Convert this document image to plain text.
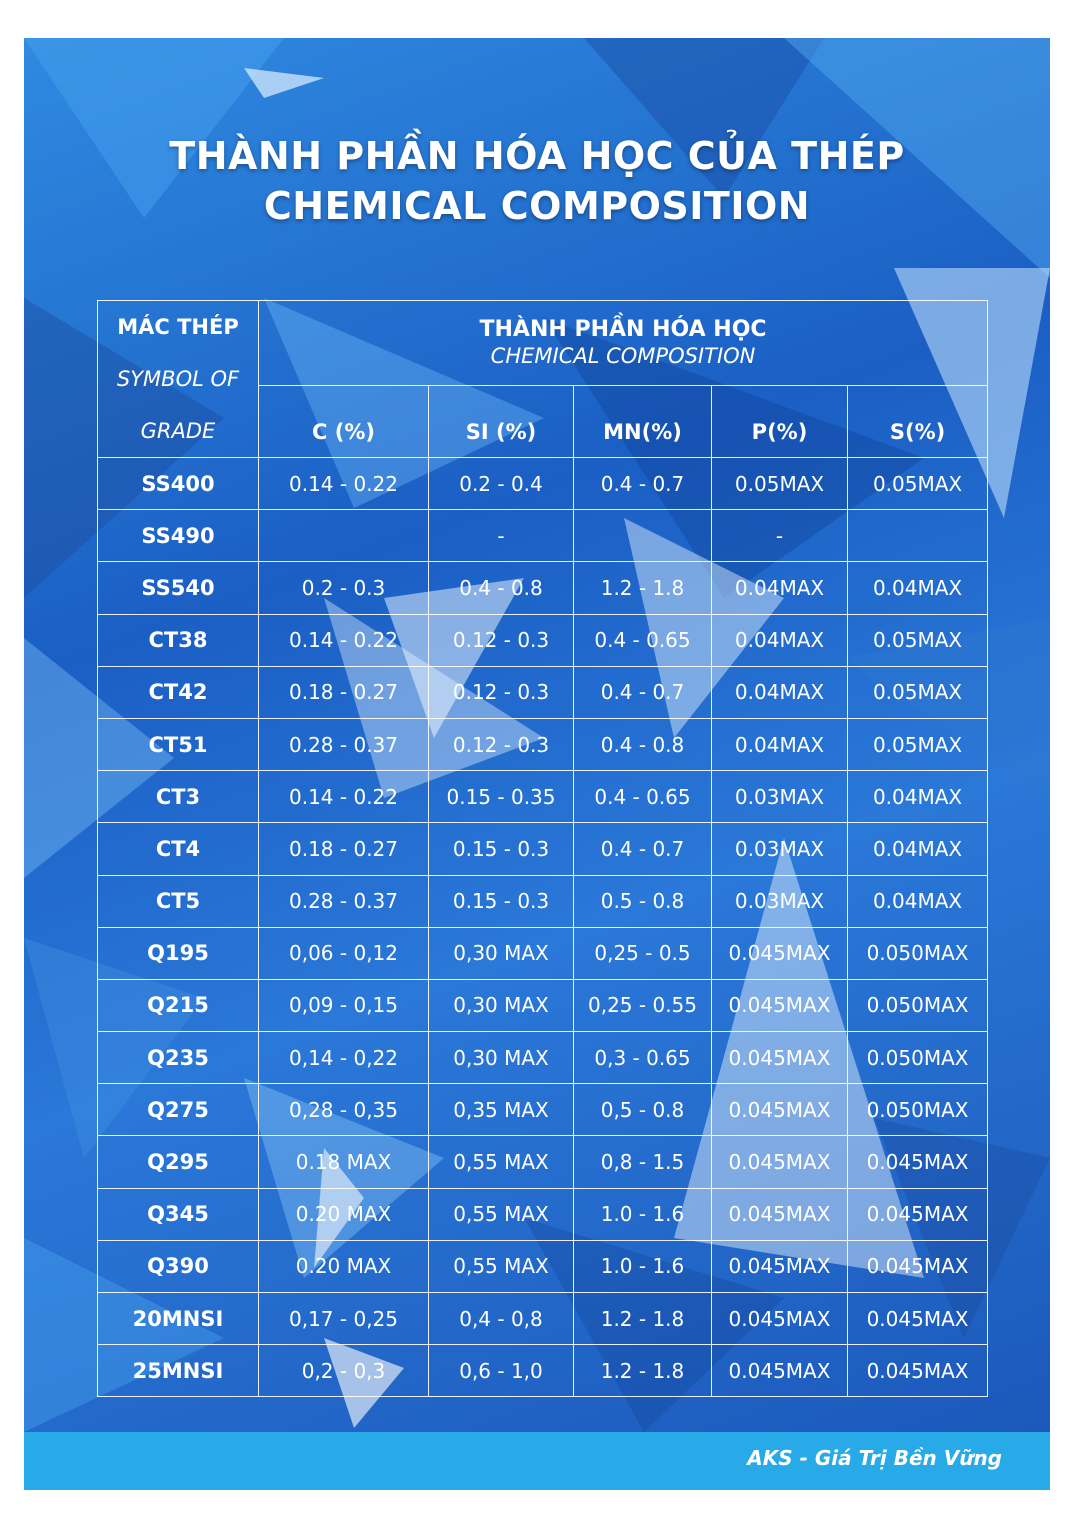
THÀNH PHẦN HÓA HỌC CỦA THÉP
CHEMICAL COMPOSITION
MÁC THÉP
SYMBOL OF
GRADE	THÀNH PHẦN HÓA HỌC
CHEMICAL COMPOSITION				

	C (%)	SI (%)	MN(%)	P(%)	S(%)
SS400	0.14 - 0.22	0.2 - 0.4	0.4 - 0.7	0.05MAX	0.05MAX
SS490		-		-	
SS540	0.2 - 0.3	0.4 - 0.8	1.2 - 1.8	0.04MAX	0.04MAX
CT38	0.14 - 0.22	0.12 - 0.3	0.4 - 0.65	0.04MAX	0.05MAX
CT42	0.18 - 0.27	0.12 - 0.3	0.4 - 0.7	0.04MAX	0.05MAX
CT51	0.28 - 0.37	0.12 - 0.3	0.4 - 0.8	0.04MAX	0.05MAX
CT3	0.14 - 0.22	0.15 - 0.35	0.4 - 0.65	0.03MAX	0.04MAX
CT4	0.18 - 0.27	0.15 - 0.3	0.4 - 0.7	0.03MAX	0.04MAX
CT5	0.28 - 0.37	0.15 - 0.3	0.5 - 0.8	0.03MAX	0.04MAX
Q195	0,06 - 0,12	0,30 MAX	0,25 - 0.5	0.045MAX	0.050MAX
Q215	0,09 - 0,15	0,30 MAX	0,25 - 0.55	0.045MAX	0.050MAX
Q235	0,14 - 0,22	0,30 MAX	0,3 - 0.65	0.045MAX	0.050MAX
Q275	0,28 - 0,35	0,35 MAX	0,5 - 0.8	0.045MAX	0.050MAX
Q295	0.18 MAX	0,55 MAX	0,8 - 1.5	0.045MAX	0.045MAX
Q345	0.20 MAX	0,55 MAX	1.0 - 1.6	0.045MAX	0.045MAX
Q390	0.20 MAX	0,55 MAX	1.0 - 1.6	0.045MAX	0.045MAX
20MNSI	0,17 - 0,25	0,4 - 0,8	1.2 - 1.8	0.045MAX	0.045MAX
25MNSI	0,2 - 0,3	0,6 - 1,0	1.2 - 1.8	0.045MAX	0.045MAX
AKS - Giá Trị Bền Vững
